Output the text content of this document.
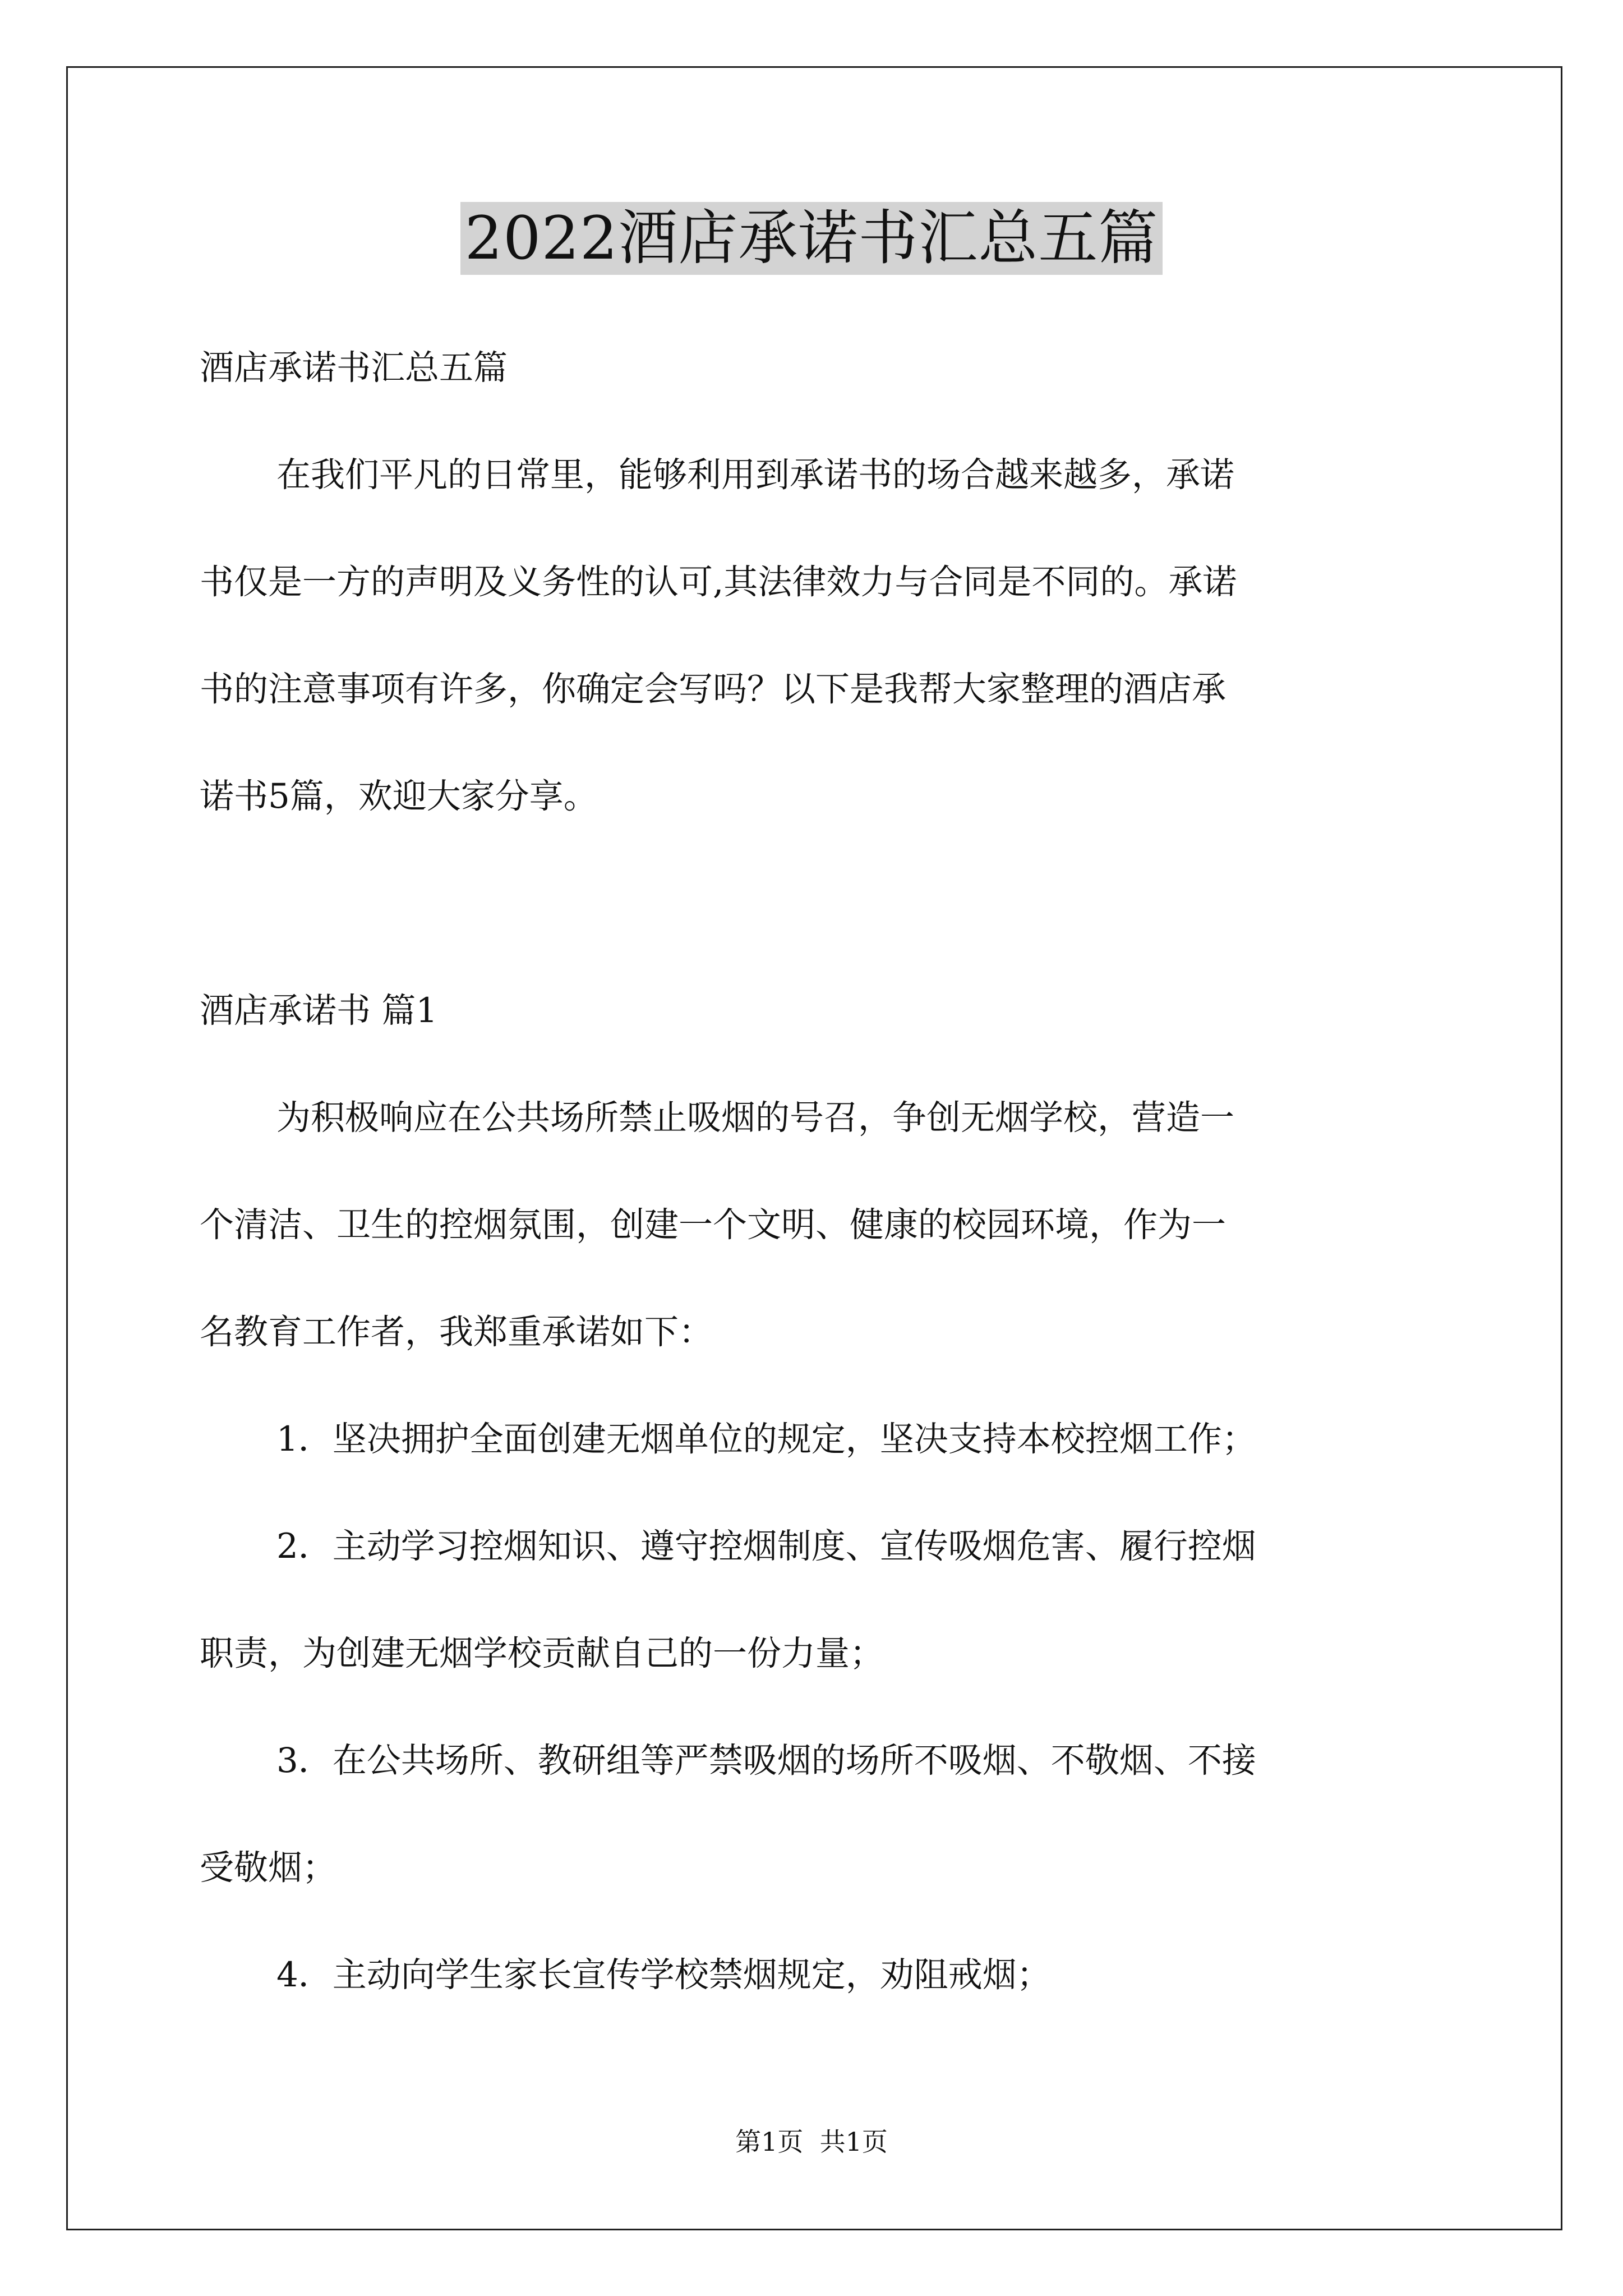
2022酒店承诺书汇总五篇
酒店承诺书汇总五篇
在我们平凡的日常里，能够利用到承诺书的场合越来越多，承诺
书仅是一方的声明及义务性的认可,其法律效力与合同是不同的。承诺
书的注意事项有许多，你确定会写吗？以下是我帮大家整理的酒店承
诺书5篇，欢迎大家分享。
酒店承诺书 篇1
为积极响应在公共场所禁止吸烟的号召，争创无烟学校，营造一
个清洁、卫生的控烟氛围，创建一个文明、健康的校园环境，作为一
名教育工作者，我郑重承诺如下：
1．坚决拥护全面创建无烟单位的规定，坚决支持本校控烟工作；
2．主动学习控烟知识、遵守控烟制度、宣传吸烟危害、履行控烟
职责，为创建无烟学校贡献自己的一份力量；
3．在公共场所、教研组等严禁吸烟的场所不吸烟、不敬烟、不接
受敬烟；
4．主动向学生家长宣传学校禁烟规定，劝阻戒烟；
第1页  共1页
